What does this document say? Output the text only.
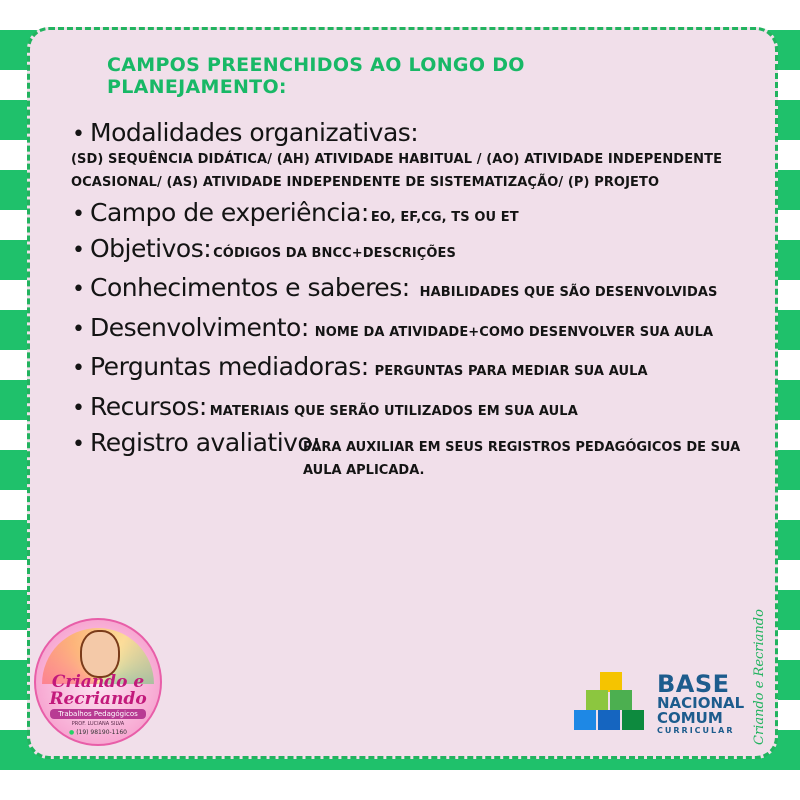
CAMPOS PREENCHIDOS AO LONGO DO PLANEJAMENTO:
• Modalidades organizativas:
(SD) SEQUÊNCIA DIDÁTICA/ (AH) ATIVIDADE HABITUAL / (AO) ATIVIDADE INDEPENDENTE
OCASIONAL/ (AS) ATIVIDADE INDEPENDENTE DE SISTEMATIZAÇÃO/ (P) PROJETO
• Campo de experiência: EO, EF,CG, TS OU ET
• Objetivos: CÓDIGOS DA BNCC+DESCRIÇÕES
• Conhecimentos e saberes: HABILIDADES QUE SÃO DESENVOLVIDAS
• Desenvolvimento: NOME DA ATIVIDADE+COMO DESENVOLVER SUA AULA
• Perguntas mediadoras: PERGUNTAS PARA MEDIAR SUA AULA
• Recursos: MATERIAIS QUE SERÃO UTILIZADOS EM SUA AULA
• Registro avaliativo:
PARA AUXILIAR EM SEUS REGISTROS PEDAGÓGICOS DE SUA
AULA APLICADA.
Criando e
Recriando
Trabalhos Pedagógicos
PROF. LUCIANA SILVA
● (19) 98190-1160
BASE
NACIONAL
COMUM
CURRICULAR	Criando e Recriando
